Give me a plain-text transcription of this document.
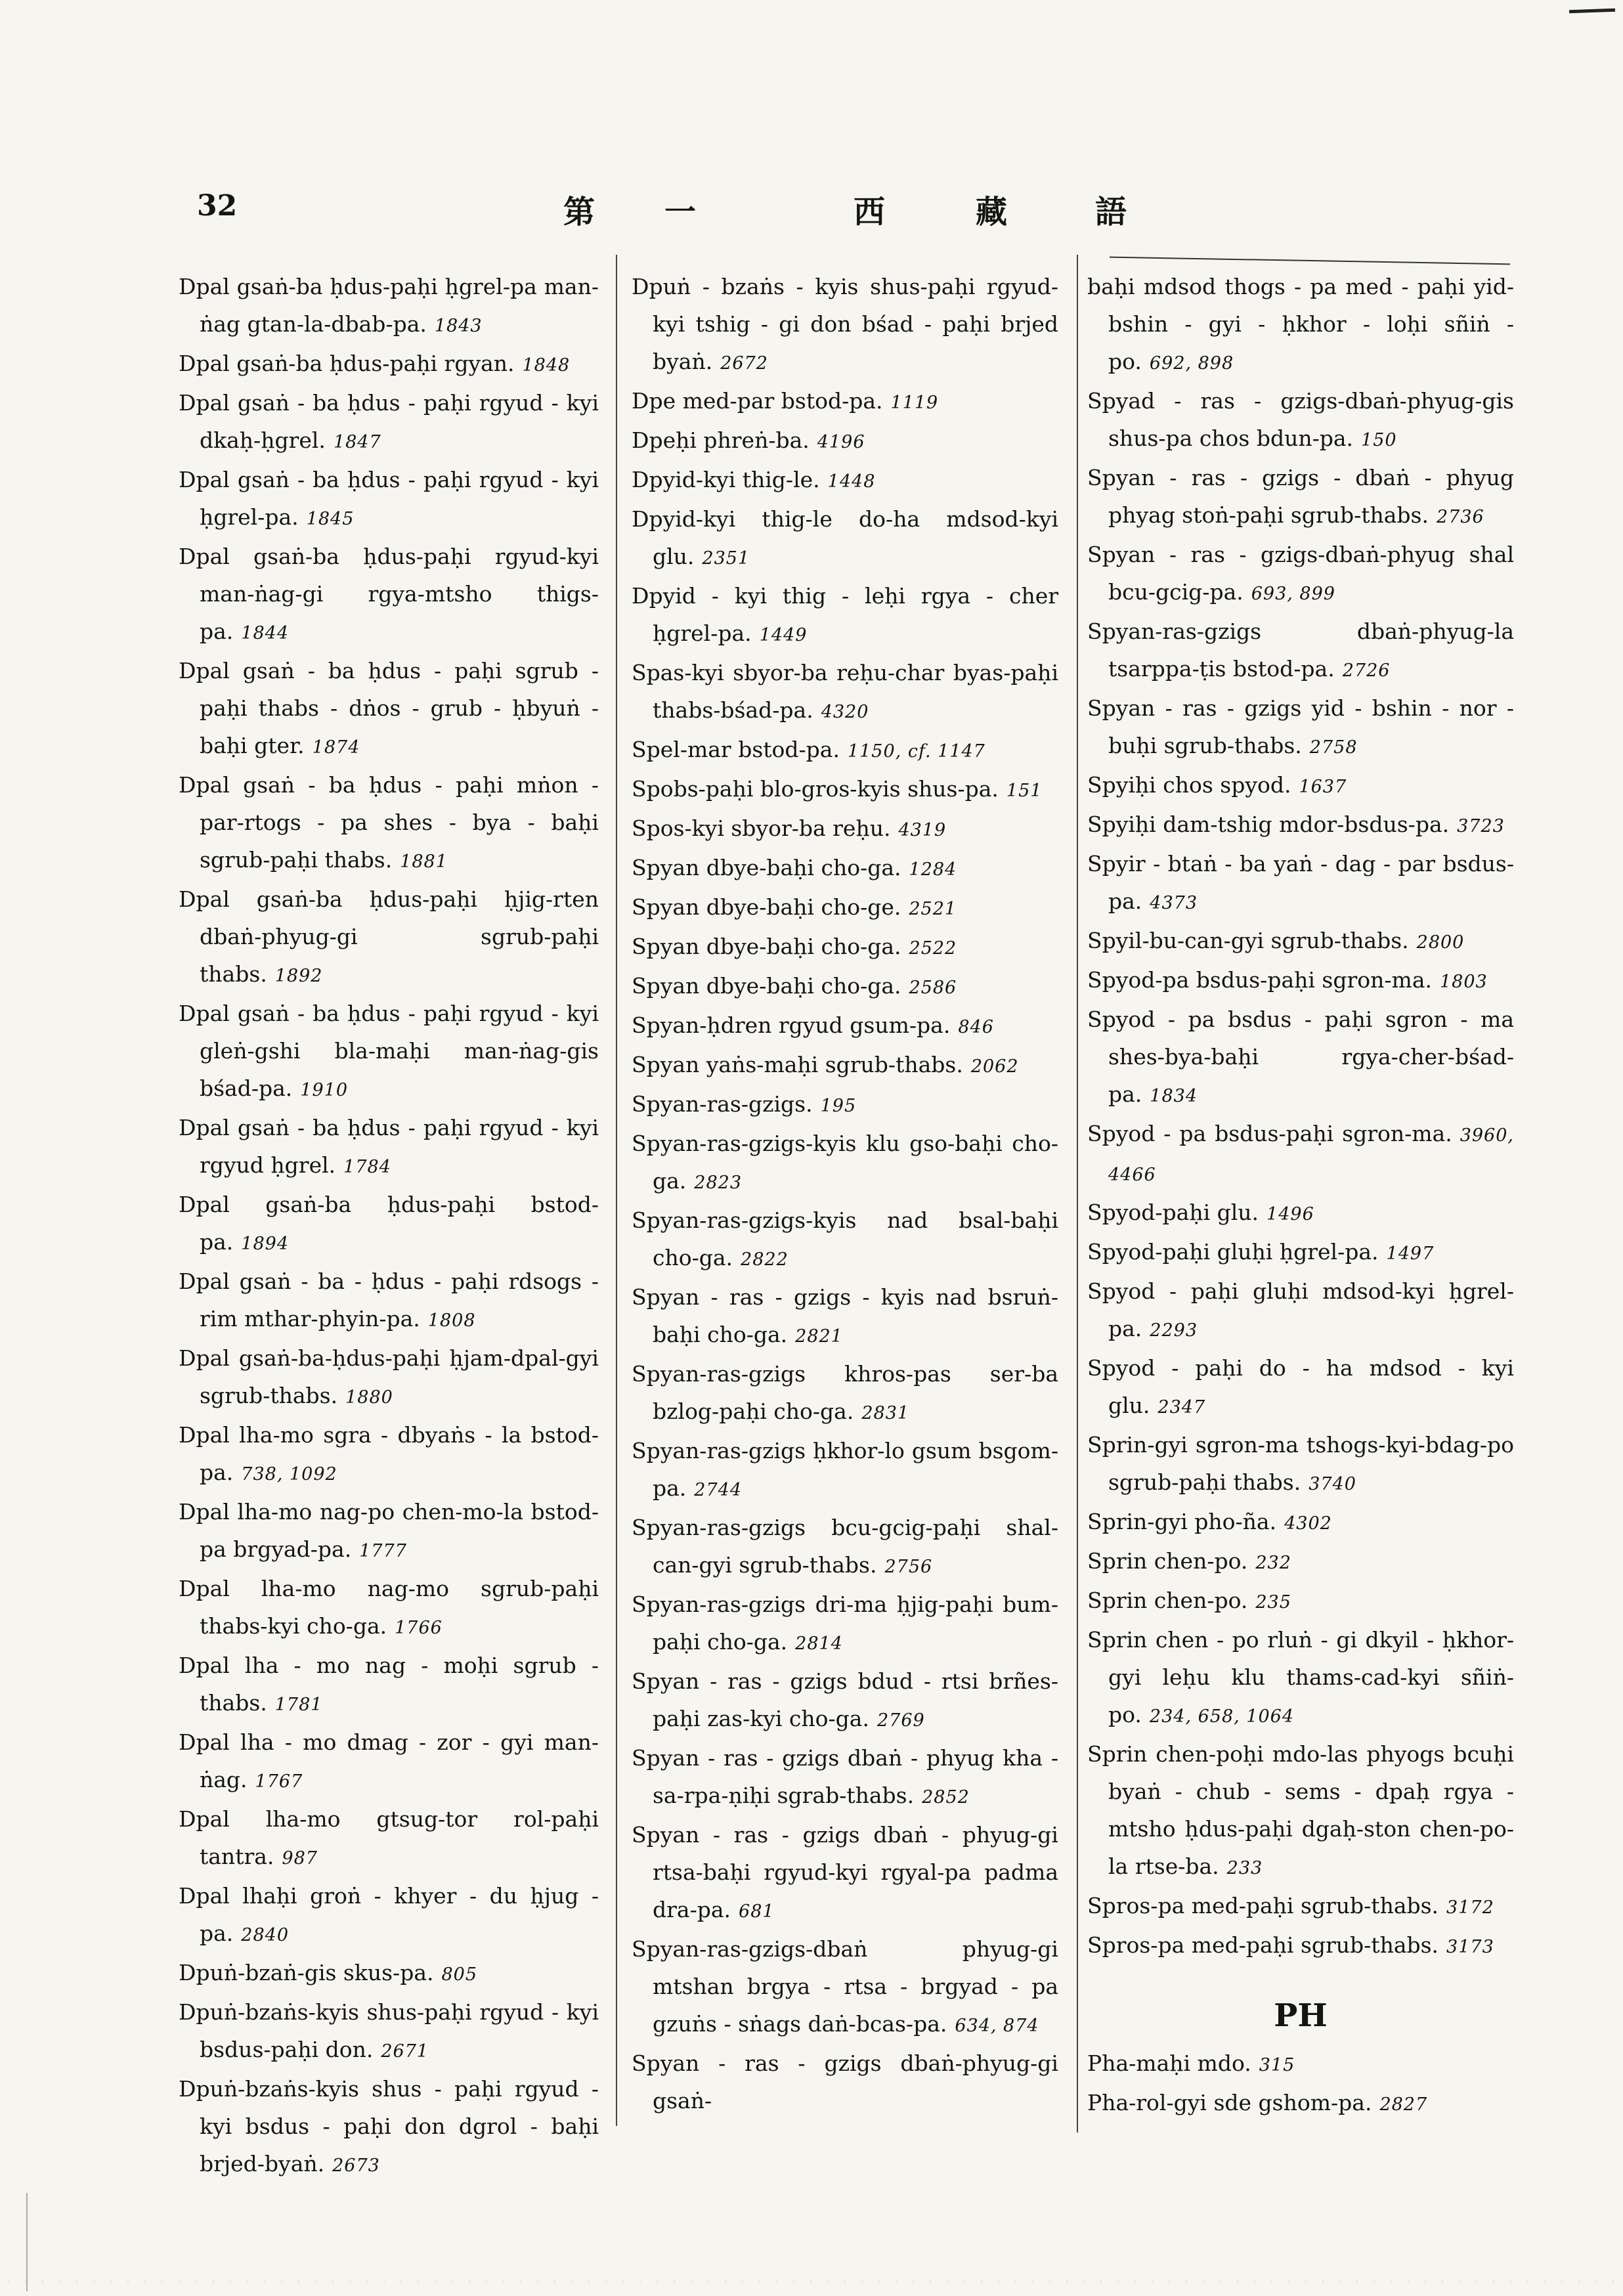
32	第 一	西	藏	語

Dpal gsaṅ-ba ḥdus-paḥi ḥgrel-pa man-ṅag gtan-la-dbab-pa. 1843

Dpal gsaṅ-ba ḥdus-paḥi rgyan. 1848

Dpal gsaṅ - ba ḥdus - paḥi rgyud - kyi dkaḥ-ḥgrel. 1847

Dpal gsaṅ - ba ḥdus - paḥi rgyud - kyi ḥgrel-pa. 1845

Dpal gsaṅ-ba ḥdus-paḥi rgyud-kyi man-ṅag-gi rgya-mtsho thigs-pa. 1844

Dpal gsaṅ - ba ḥdus - paḥi sgrub - paḥi thabs - dṅos - grub - ḥbyuṅ - baḥi gter. 1874

Dpal gsaṅ - ba ḥdus - paḥi mṅon - par-rtogs - pa shes - bya - baḥi sgrub-paḥi thabs. 1881

Dpal gsaṅ-ba ḥdus-paḥi ḥjig-rten dbaṅ-phyug-gi sgrub-paḥi thabs. 1892

Dpal gsaṅ - ba ḥdus - paḥi rgyud - kyi gleṅ-gshi bla-maḥi man-ṅag-gis bśad-pa. 1910

Dpal gsaṅ - ba ḥdus - paḥi rgyud - kyi rgyud ḥgrel. 1784

Dpal gsaṅ-ba ḥdus-paḥi bstod-pa. 1894

Dpal gsaṅ - ba - ḥdus - paḥi rdsogs - rim mthar-phyin-pa. 1808

Dpal gsaṅ-ba-ḥdus-paḥi ḥjam-dpal-gyi sgrub-thabs. 1880

Dpal lha-mo sgra - dbyaṅs - la bstod-pa. 738, 1092

Dpal lha-mo nag-po chen-mo-la bstod-pa brgyad-pa. 1777

Dpal lha-mo nag-mo sgrub-paḥi thabs-kyi cho-ga. 1766

Dpal lha - mo nag - moḥi sgrub - thabs. 1781

Dpal lha - mo dmag - zor - gyi man-ṅag. 1767

Dpal lha-mo gtsug-tor rol-paḥi tantra. 987

Dpal lhaḥi groṅ - khyer - du ḥjug - pa. 2840

Dpuṅ-bzaṅ-gis skus-pa. 805

Dpuṅ-bzaṅs-kyis shus-paḥi rgyud - kyi bsdus-paḥi don. 2671

Dpuṅ-bzaṅs-kyis shus - paḥi rgyud - kyi bsdus - paḥi don dgrol - baḥi brjed-byaṅ. 2673

Dpuṅ - bzaṅs - kyis shus-paḥi rgyud-kyi tshig - gi don bśad - paḥi brjed byaṅ. 2672

Dpe med-par bstod-pa. 1119

Dpeḥi phreṅ-ba. 4196

Dpyid-kyi thig-le. 1448

Dpyid-kyi thig-le do-ha mdsod-kyi glu. 2351

Dpyid - kyi thig - leḥi rgya - cher ḥgrel-pa. 1449

Spas-kyi sbyor-ba reḥu-char byas-paḥi thabs-bśad-pa. 4320

Spel-mar bstod-pa. 1150, cf. 1147

Spobs-paḥi blo-gros-kyis shus-pa. 151

Spos-kyi sbyor-ba reḥu. 4319

Spyan dbye-baḥi cho-ga. 1284

Spyan dbye-baḥi cho-ge. 2521

Spyan dbye-baḥi cho-ga. 2522

Spyan dbye-baḥi cho-ga. 2586

Spyan-ḥdren rgyud gsum-pa. 846

Spyan yaṅs-maḥi sgrub-thabs. 2062

Spyan-ras-gzigs. 195

Spyan-ras-gzigs-kyis klu gso-baḥi cho-ga. 2823

Spyan-ras-gzigs-kyis nad bsal-baḥi cho-ga. 2822

Spyan - ras - gzigs - kyis nad bsruṅ-baḥi cho-ga. 2821

Spyan-ras-gzigs khros-pas ser-ba bzlog-paḥi cho-ga. 2831

Spyan-ras-gzigs ḥkhor-lo gsum bsgom-pa. 2744

Spyan-ras-gzigs bcu-gcig-paḥi shal-can-gyi sgrub-thabs. 2756

Spyan-ras-gzigs dri-ma ḥjig-paḥi bum-paḥi cho-ga. 2814

Spyan - ras - gzigs bdud - rtsi brñes-paḥi zas-kyi cho-ga. 2769

Spyan - ras - gzigs dbaṅ - phyug kha - sa-rpa-ṇiḥi sgrab-thabs. 2852

Spyan - ras - gzigs dbaṅ - phyug-gi rtsa-baḥi rgyud-kyi rgyal-pa padma dra-pa. 681

Spyan-ras-gzigs-dbaṅ phyug-gi mtshan brgya - rtsa - brgyad - pa gzuṅs - sṅags daṅ-bcas-pa. 634, 874

Spyan - ras - gzigs dbaṅ-phyug-gi gsaṅ-

baḥi mdsod thogs - pa med - paḥi yid-bshin - gyi - ḥkhor - loḥi sñiṅ - po. 692, 898

Spyad - ras - gzigs-dbaṅ-phyug-gis shus-pa chos bdun-pa. 150

Spyan - ras - gzigs - dbaṅ - phyug phyag stoṅ-paḥi sgrub-thabs. 2736

Spyan - ras - gzigs-dbaṅ-phyug shal bcu-gcig-pa. 693, 899

Spyan-ras-gzigs dbaṅ-phyug-la tsarppa-ṭis bstod-pa. 2726

Spyan - ras - gzigs yid - bshin - nor - buḥi sgrub-thabs. 2758

Spyiḥi chos spyod. 1637

Spyiḥi dam-tshig mdor-bsdus-pa. 3723

Spyir - btaṅ - ba yaṅ - dag - par bsdus-pa. 4373

Spyil-bu-can-gyi sgrub-thabs. 2800

Spyod-pa bsdus-paḥi sgron-ma. 1803

Spyod - pa bsdus - paḥi sgron - ma shes-bya-baḥi rgya-cher-bśad-pa. 1834

Spyod - pa bsdus-paḥi sgron-ma. 3960, 4466

Spyod-paḥi glu. 1496

Spyod-paḥi gluḥi ḥgrel-pa. 1497

Spyod - paḥi gluḥi mdsod-kyi ḥgrel-pa. 2293

Spyod - paḥi do - ha mdsod - kyi glu. 2347

Sprin-gyi sgron-ma tshogs-kyi-bdag-po sgrub-paḥi thabs. 3740

Sprin-gyi pho-ña. 4302

Sprin chen-po. 232

Sprin chen-po. 235

Sprin chen - po rluṅ - gi dkyil - ḥkhor-gyi leḥu klu thams-cad-kyi sñiṅ-po. 234, 658, 1064

Sprin chen-poḥi mdo-las phyogs bcuḥi byaṅ - chub - sems - dpaḥ rgya - mtsho ḥdus-paḥi dgaḥ-ston chen-po-la rtse-ba. 233

Spros-pa med-paḥi sgrub-thabs. 3172

Spros-pa med-paḥi sgrub-thabs. 3173

PH

Pha-maḥi mdo. 315

Pha-rol-gyi sde gshom-pa. 2827
